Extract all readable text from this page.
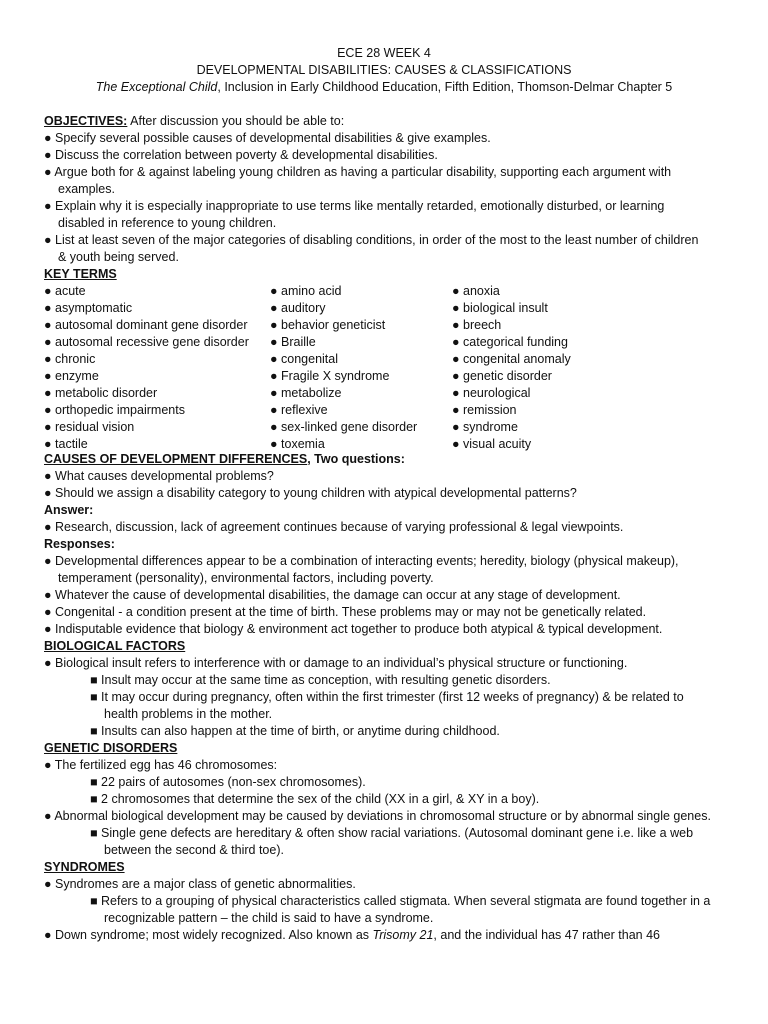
ECE 28 WEEK 4
DEVELOPMENTAL DISABILITIES: CAUSES & CLASSIFICATIONS
The Exceptional Child, Inclusion in Early Childhood Education, Fifth Edition, Thomson-Delmar Chapter 5
OBJECTIVES: After discussion you should be able to:
● Specify several possible causes of developmental disabilities & give examples.
● Discuss the correlation between poverty & developmental disabilities.
● Argue both for & against labeling young children as having a particular disability, supporting each argument with
examples.
● Explain why it is especially inappropriate to use terms like mentally retarded, emotionally disturbed, or learning
disabled in reference to young children.
● List at least seven of the major categories of disabling conditions, in order of the most to the least number of children
& youth being served.
KEY TERMS
● acute
● asymptomatic
● autosomal dominant gene disorder
● autosomal recessive gene disorder
● chronic
● enzyme
● metabolic disorder
● orthopedic impairments
● residual vision
● tactile
● amino acid
● auditory
● behavior geneticist
● Braille
● congenital
● Fragile X syndrome
● metabolize
● reflexive
● sex-linked gene disorder
● toxemia
● anoxia
● biological insult
● breech
● categorical funding
● congenital anomaly
● genetic disorder
● neurological
● remission
● syndrome
● visual acuity
CAUSES OF DEVELOPMENT DIFFERENCES, Two questions:
● What causes developmental problems?
● Should we assign a disability category to young children with atypical developmental patterns?
Answer:
● Research, discussion, lack of agreement continues because of varying professional & legal viewpoints.
Responses:
● Developmental differences appear to be a combination of interacting events; heredity, biology (physical makeup),
temperament (personality), environmental factors, including poverty.
● Whatever the cause of developmental disabilities, the damage can occur at any stage of development.
● Congenital - a condition present at the time of birth. These problems may or may not be genetically related.
● Indisputable evidence that biology & environment act together to produce both atypical & typical development.
BIOLOGICAL FACTORS
● Biological insult refers to interference with or damage to an individual’s physical structure or functioning.
■ Insult may occur at the same time as conception, with resulting genetic disorders.
■ It may occur during pregnancy, often within the first trimester (first 12 weeks of pregnancy) & be related to
health problems in the mother.
■ Insults can also happen at the time of birth, or anytime during childhood.
GENETIC DISORDERS
● The fertilized egg has 46 chromosomes:
■ 22 pairs of autosomes (non-sex chromosomes).
■ 2 chromosomes that determine the sex of the child (XX in a girl, & XY in a boy).
● Abnormal biological development may be caused by deviations in chromosomal structure or by abnormal single genes.
■ Single gene defects are hereditary & often show racial variations. (Autosomal dominant gene i.e. like a web
between the second & third toe).
SYNDROMES
● Syndromes are a major class of genetic abnormalities.
■ Refers to a grouping of physical characteristics called stigmata. When several stigmata are found together in a
recognizable pattern – the child is said to have a syndrome.
● Down syndrome; most widely recognized. Also known as Trisomy 21, and the individual has 47 rather than 46
